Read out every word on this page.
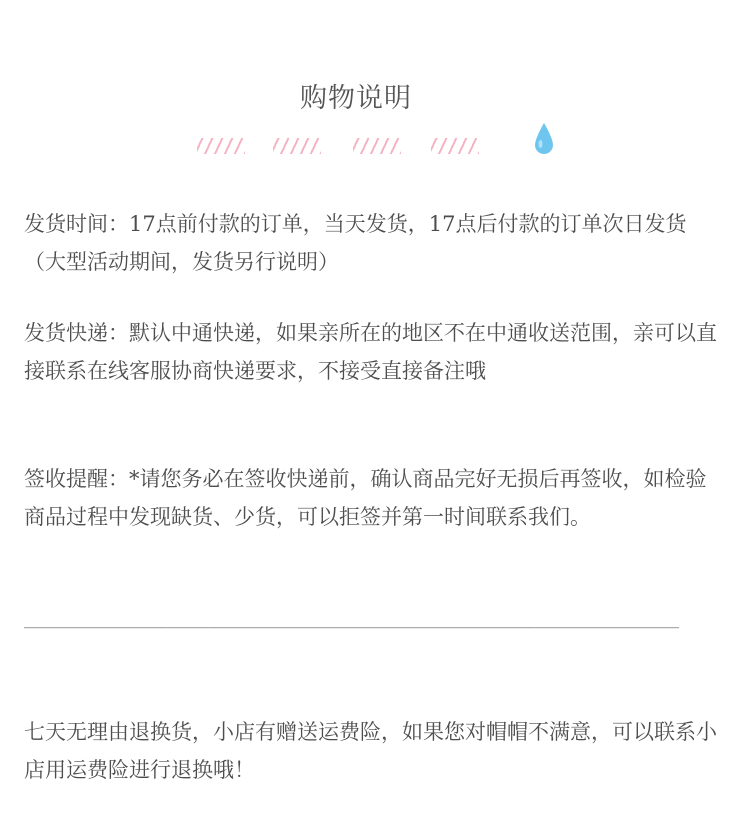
购物说明

发货时间：17点前付款的订单，当天发货，17点后付款的订单次日发货（大型活动期间，发货另行说明）

发货快递：默认中通快递，如果亲所在的地区不在中通收送范围，亲可以直接联系在线客服协商快递要求，不接受直接备注哦

签收提醒：*请您务必在签收快递前，确认商品完好无损后再签收，如检验商品过程中发现缺货、少货，可以拒签并第一时间联系我们。

________________________________________________________________

七天无理由退换货，小店有赠送运费险，如果您对帽帽不满意，可以联系小店用运费险进行退换哦！
